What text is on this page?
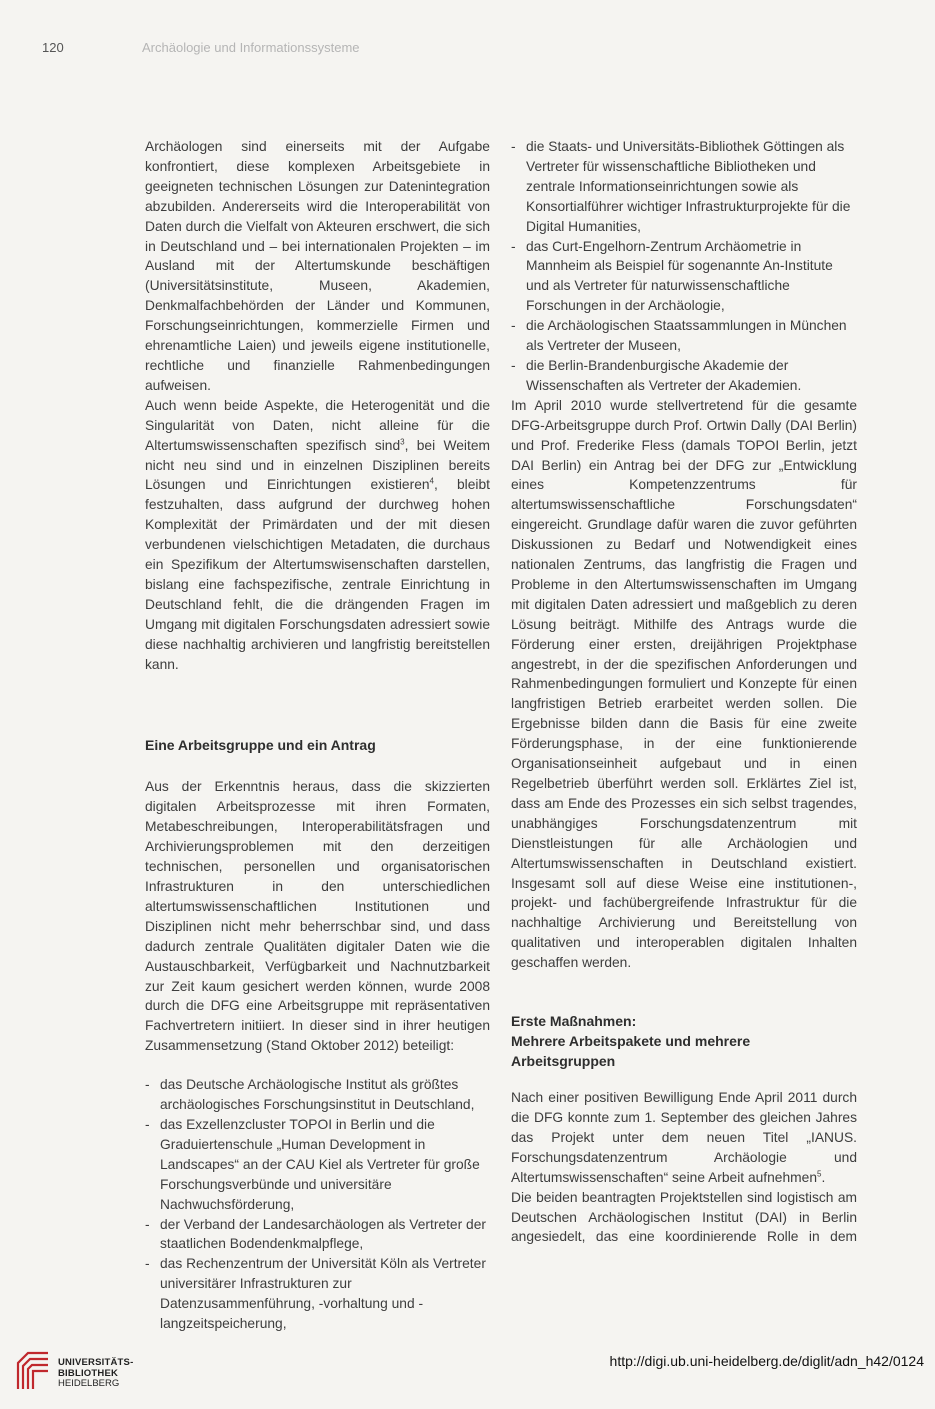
120	Archäologie und Informationssysteme

Archäologen sind einerseits mit der Aufgabe konfrontiert, diese komplexen Arbeitsgebiete in geeigneten technischen Lösungen zur Datenintegration abzubilden. Andererseits wird die Interoperabilität von Daten durch die Vielfalt von Akteuren erschwert, die sich in Deutschland und – bei internationalen Projekten – im Ausland mit der Altertumskunde beschäftigen (Universitätsinstitute, Museen, Akademien, Denkmalfachbehörden der Länder und Kommunen, Forschungseinrichtungen, kommerzielle Firmen und ehrenamtliche Laien) und jeweils eigene institutionelle, rechtliche und finanzielle Rahmenbedingungen aufweisen.

Auch wenn beide Aspekte, die Heterogenität und die Singularität von Daten, nicht alleine für die Altertumswissenschaften spezifisch sind$^3$, bei Weitem nicht neu sind und in einzelnen Disziplinen bereits Lösungen und Einrichtungen existieren$^4$, bleibt festzuhalten, dass aufgrund der durchweg hohen Komplexität der Primärdaten und der mit diesen verbundenen vielschichtigen Metadaten, die durchaus ein Spezifikum der Altertumswisenschaften darstellen, bislang eine fachspezifische, zentrale Einrichtung in Deutschland fehlt, die die drängenden Fragen im Umgang mit digitalen Forschungsdaten adressiert sowie diese nachhaltig archivieren und langfristig bereitstellen kann.

Eine Arbeitsgruppe und ein Antrag

Aus der Erkenntnis heraus, dass die skizzierten digitalen Arbeitsprozesse mit ihren Formaten, Metabeschreibungen, Interoperabilitätsfragen und Archivierungsproblemen mit den derzeitigen technischen, personellen und organisatorischen Infrastrukturen in den unterschiedlichen altertumswissenschaftlichen Institutionen und Disziplinen nicht mehr beherrschbar sind, und dass dadurch zentrale Qualitäten digitaler Daten wie die Austauschbarkeit, Verfügbarkeit und Nachnutzbarkeit zur Zeit kaum gesichert werden können, wurde 2008 durch die DFG eine Arbeitsgruppe mit repräsentativen Fachvertretern initiiert. In dieser sind in ihrer heutigen Zusammensetzung (Stand Oktober 2012) beteiligt:

- das Deutsche Archäologische Institut als größtes archäologisches Forschungsinstitut in Deutschland,

- das Exzellenzcluster TOPOI in Berlin und die Graduiertenschule „Human Development in Landscapes“ an der CAU Kiel als Vertreter für große Forschungsverbünde und universitäre Nachwuchsförderung,

- der Verband der Landesarchäologen als Vertreter der staatlichen Bodendenkmalpflege,

- das Rechenzentrum der Universität Köln als Vertreter universitärer Infrastrukturen zur Datenzusammenführung, -vorhaltung und -langzeitspeicherung,

- die Staats- und Universitäts-Bibliothek Göttingen als Vertreter für wissenschaftliche Bibliotheken und zentrale Informationseinrichtungen sowie als Konsortialführer wichtiger Infrastrukturprojekte für die Digital Humanities,

- das Curt-Engelhorn-Zentrum Archäometrie in Mannheim als Beispiel für sogenannte An-Institute und als Vertreter für naturwissenschaftliche Forschungen in der Archäologie,

- die Archäologischen Staatssammlungen in München als Vertreter der Museen,

- die Berlin-Brandenburgische Akademie der Wissenschaften als Vertreter der Akademien.

Im April 2010 wurde stellvertretend für die gesamte DFG-Arbeitsgruppe durch Prof. Ortwin Dally (DAI Berlin) und Prof. Frederike Fless (damals TOPOI Berlin, jetzt DAI Berlin) ein Antrag bei der DFG zur „Entwicklung eines Kompetenzzentrums für altertumswissenschaftliche Forschungsdaten“ eingereicht. Grundlage dafür waren die zuvor geführten Diskussionen zu Bedarf und Notwendigkeit eines nationalen Zentrums, das langfristig die Fragen und Probleme in den Altertumswissenschaften im Umgang mit digitalen Daten adressiert und maßgeblich zu deren Lösung beiträgt. Mithilfe des Antrags wurde die Förderung einer ersten, dreijährigen Projektphase angestrebt, in der die spezifischen Anforderungen und Rahmenbedingungen formuliert und Konzepte für einen langfristigen Betrieb erarbeitet werden sollen. Die Ergebnisse bilden dann die Basis für eine zweite Förderungsphase, in der eine funktionierende Organisationseinheit aufgebaut und in einen Regelbetrieb überführt werden soll. Erklärtes Ziel ist, dass am Ende des Prozesses ein sich selbst tragendes, unabhängiges Forschungsdatenzentrum mit Dienstleistungen für alle Archäologien und Altertumswissenschaften in Deutschland existiert. Insgesamt soll auf diese Weise eine institutionen-, projekt- und fachübergreifende Infrastruktur für die nachhaltige Archivierung und Bereitstellung von qualitativen und interoperablen digitalen Inhalten geschaffen werden.

Erste Maßnahmen:
Mehrere Arbeitspakete und mehrere Arbeitsgruppen

Nach einer positiven Bewilligung Ende April 2011 durch die DFG konnte zum 1. September des gleichen Jahres das Projekt unter dem neuen Titel „IANUS. Forschungsdatenzentrum Archäologie und Altertumswissenschaften“ seine Arbeit aufnehmen$^5$.

Die beiden beantragten Projektstellen sind logistisch am Deutschen Archäologischen Institut (DAI) in Berlin angesiedelt, das eine koordinierende Rolle in dem

UNIVERSITÄTS-
BIBLIOTHEK
HEIDELBERG
http://digi.ub.uni-heidelberg.de/diglit/adn_h42/0124
